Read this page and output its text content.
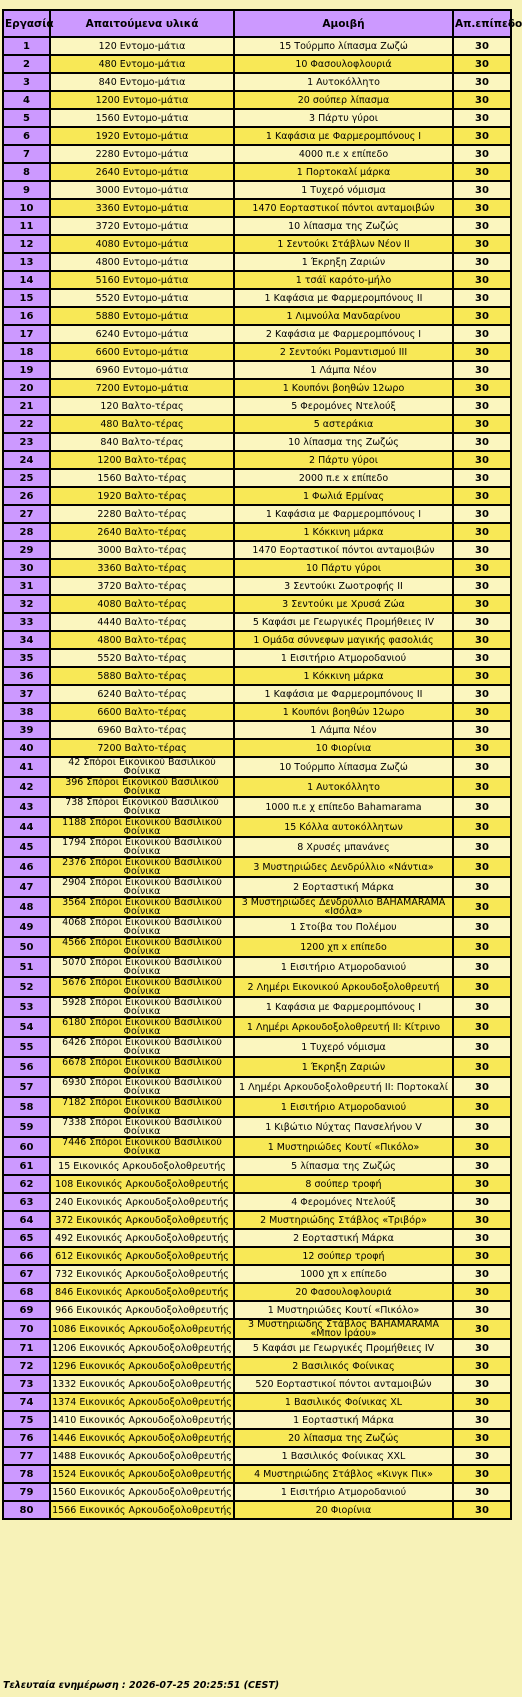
Εργασία	Απαιτούμενα υλικά	Αμοιβή	Απ.επίπεδο
1	120 Εντομο-μάτια	15 Τούρμπο λίπασμα Ζωζώ	30
2	480 Εντομο-μάτια	10 Φασουλοφλουριά	30
3	840 Εντομο-μάτια	1 Αυτοκόλλητο	30
4	1200 Εντομο-μάτια	20 σούπερ λίπασμα	30
5	1560 Εντομο-μάτια	3 Πάρτυ γύροι	30
6	1920 Εντομο-μάτια	1 Καφάσια με Φαρμερομπόνους Ι	30
7	2280 Εντομο-μάτια	4000 π.ε x επίπεδο	30
8	2640 Εντομο-μάτια	1 Πορτοκαλί μάρκα	30
9	3000 Εντομο-μάτια	1 Τυχερό νόμισμα	30
10	3360 Εντομο-μάτια	1470 Εορταστικοί πόντοι ανταμοιβών	30
11	3720 Εντομο-μάτια	10 λίπασμα της Ζωζώς	30
12	4080 Εντομο-μάτια	1 Σεντούκι Στάβλων Νέον ΙΙ	30
13	4800 Εντομο-μάτια	1 Έκρηξη Ζαριών	30
14	5160 Εντομο-μάτια	1 τσάϊ καρότο-μήλο	30
15	5520 Εντομο-μάτια	1 Καφάσια με Φαρμερομπόνους ΙΙ	30
16	5880 Εντομο-μάτια	1 Λιμνούλα Μανδαρίνου	30
17	6240 Εντομο-μάτια	2 Καφάσια με Φαρμερομπόνους Ι	30
18	6600 Εντομο-μάτια	2 Σεντούκι Ρομαντισμού ΙΙΙ	30
19	6960 Εντομο-μάτια	1 Λάμπα Νέον	30
20	7200 Εντομο-μάτια	1 Κουπόνι βοηθών 12ωρο	30
21	120 Βαλτο-τέρας	5 Φερομόνες Ντελούξ	30
22	480 Βαλτο-τέρας	5 αστεράκια	30
23	840 Βαλτο-τέρας	10 λίπασμα της Ζωζώς	30
24	1200 Βαλτο-τέρας	2 Πάρτυ γύροι	30
25	1560 Βαλτο-τέρας	2000 π.ε x επίπεδο	30
26	1920 Βαλτο-τέρας	1 Φωλιά Ερμίνας	30
27	2280 Βαλτο-τέρας	1 Καφάσια με Φαρμερομπόνους Ι	30
28	2640 Βαλτο-τέρας	1 Κόκκινη μάρκα	30
29	3000 Βαλτο-τέρας	1470 Εορταστικοί πόντοι ανταμοιβών	30
30	3360 Βαλτο-τέρας	10 Πάρτυ γύροι	30
31	3720 Βαλτο-τέρας	3 Σεντούκι Ζωοτροφής ΙΙ	30
32	4080 Βαλτο-τέρας	3 Σεντούκι με Χρυσά Ζώα	30
33	4440 Βαλτο-τέρας	5 Καφάσι με Γεωργικές Προμήθειες ΙV	30
34	4800 Βαλτο-τέρας	1 Ομάδα σύννεφων μαγικής φασολιάς	30
35	5520 Βαλτο-τέρας	1 Εισιτήριο Ατμοροδανιού	30
36	5880 Βαλτο-τέρας	1 Κόκκινη μάρκα	30
37	6240 Βαλτο-τέρας	1 Καφάσια με Φαρμερομπόνους ΙΙ	30
38	6600 Βαλτο-τέρας	1 Κουπόνι βοηθών 12ωρο	30
39	6960 Βαλτο-τέρας	1 Λάμπα Νέον	30
40	7200 Βαλτο-τέρας	10 Φιορίνια	30
41	42 Σπόροι Εικονικού Βασιλικού Φοίνικα	10 Τούρμπο λίπασμα Ζωζώ	30
42	396 Σπόροι Εικονικού Βασιλικού Φοίνικα	1 Αυτοκόλλητο	30
43	738 Σπόροι Εικονικού Βασιλικού Φοίνικα	1000 π.ε χ επίπεδο Bahamarama	30
44	1188 Σπόροι Εικονικού Βασιλικού Φοίνικα	15 Κόλλα αυτοκόλλητων	30
45	1794 Σπόροι Εικονικού Βασιλικού Φοίνικα	8 Χρυσές μπανάνες	30
46	2376 Σπόροι Εικονικού Βασιλικού Φοίνικα	3 Μυστηριώδες Δενδρύλλιο «Νάντια»	30
47	2904 Σπόροι Εικονικού Βασιλικού Φοίνικα	2 Εορταστική Μάρκα	30
48	3564 Σπόροι Εικονικού Βασιλικού Φοίνικα	3 Μυστηριώδες Δενδρύλλιο BAHAMARAMA «Ισόλα»	30
49	4068 Σπόροι Εικονικού Βασιλικού Φοίνικα	1 Στοίβα του Πολέμου	30
50	4566 Σπόροι Εικονικού Βασιλικού Φοίνικα	1200 χπ x επίπεδο	30
51	5070 Σπόροι Εικονικού Βασιλικού Φοίνικα	1 Εισιτήριο Ατμοροδανιού	30
52	5676 Σπόροι Εικονικού Βασιλικού Φοίνικα	2 Λημέρι Εικονικού Αρκουδοξολοθρευτή	30
53	5928 Σπόροι Εικονικού Βασιλικού Φοίνικα	1 Καφάσια με Φαρμερομπόνους Ι	30
54	6180 Σπόροι Εικονικού Βασιλικού Φοίνικα	1 Λημέρι Αρκουδοξολοθρευτή ΙΙ: Κίτρινο	30
55	6426 Σπόροι Εικονικού Βασιλικού Φοίνικα	1 Τυχερό νόμισμα	30
56	6678 Σπόροι Εικονικού Βασιλικού Φοίνικα	1 Έκρηξη Ζαριών	30
57	6930 Σπόροι Εικονικού Βασιλικού Φοίνικα	1 Λημέρι Αρκουδοξολοθρευτή ΙΙ: Πορτοκαλί	30
58	7182 Σπόροι Εικονικού Βασιλικού Φοίνικα	1 Εισιτήριο Ατμοροδανιού	30
59	7338 Σπόροι Εικονικού Βασιλικού Φοίνικα	1 Κιβώτιο Νύχτας Πανσελήνου V	30
60	7446 Σπόροι Εικονικού Βασιλικού Φοίνικα	1 Μυστηριώδες Κουτί «Πικόλο»	30
61	15 Εικονικός Αρκουδοξολοθρευτής	5 λίπασμα της Ζωζώς	30
62	108 Εικονικός Αρκουδοξολοθρευτής	8 σούπερ τροφή	30
63	240 Εικονικός Αρκουδοξολοθρευτής	4 Φερομόνες Ντελούξ	30
64	372 Εικονικός Αρκουδοξολοθρευτής	2 Μυστηριώδης Στάβλος «Τριβόρ»	30
65	492 Εικονικός Αρκουδοξολοθρευτής	2 Εορταστική Μάρκα	30
66	612 Εικονικός Αρκουδοξολοθρευτής	12 σούπερ τροφή	30
67	732 Εικονικός Αρκουδοξολοθρευτής	1000 χπ x επίπεδο	30
68	846 Εικονικός Αρκουδοξολοθρευτής	20 Φασουλοφλουριά	30
69	966 Εικονικός Αρκουδοξολοθρευτής	1 Μυστηριώδες Κουτί «Πικόλο»	30
70	1086 Εικονικός Αρκουδοξολοθρευτής	3 Μυστηριώδης Στάβλος BAHAMARAMA «Μπον Ιράου»	30
71	1206 Εικονικός Αρκουδοξολοθρευτής	5 Καφάσι με Γεωργικές Προμήθειες ΙV	30
72	1296 Εικονικός Αρκουδοξολοθρευτής	2 Βασιλικός Φοίνικας	30
73	1332 Εικονικός Αρκουδοξολοθρευτής	520 Εορταστικοί πόντοι ανταμοιβών	30
74	1374 Εικονικός Αρκουδοξολοθρευτής	1 Βασιλικός Φοίνικας XL	30
75	1410 Εικονικός Αρκουδοξολοθρευτής	1 Εορταστική Μάρκα	30
76	1446 Εικονικός Αρκουδοξολοθρευτής	20 λίπασμα της Ζωζώς	30
77	1488 Εικονικός Αρκουδοξολοθρευτής	1 Βασιλικός Φοίνικας XXL	30
78	1524 Εικονικός Αρκουδοξολοθρευτής	4 Μυστηριώδης Στάβλος «Κινγκ Πικ»	30
79	1560 Εικονικός Αρκουδοξολοθρευτής	1 Εισιτήριο Ατμοροδανιού	30
80	1566 Εικονικός Αρκουδοξολοθρευτής	20 Φιορίνια	30
Τελευταία ενημέρωση : 2026-07-25 20:25:51 (CEST)
